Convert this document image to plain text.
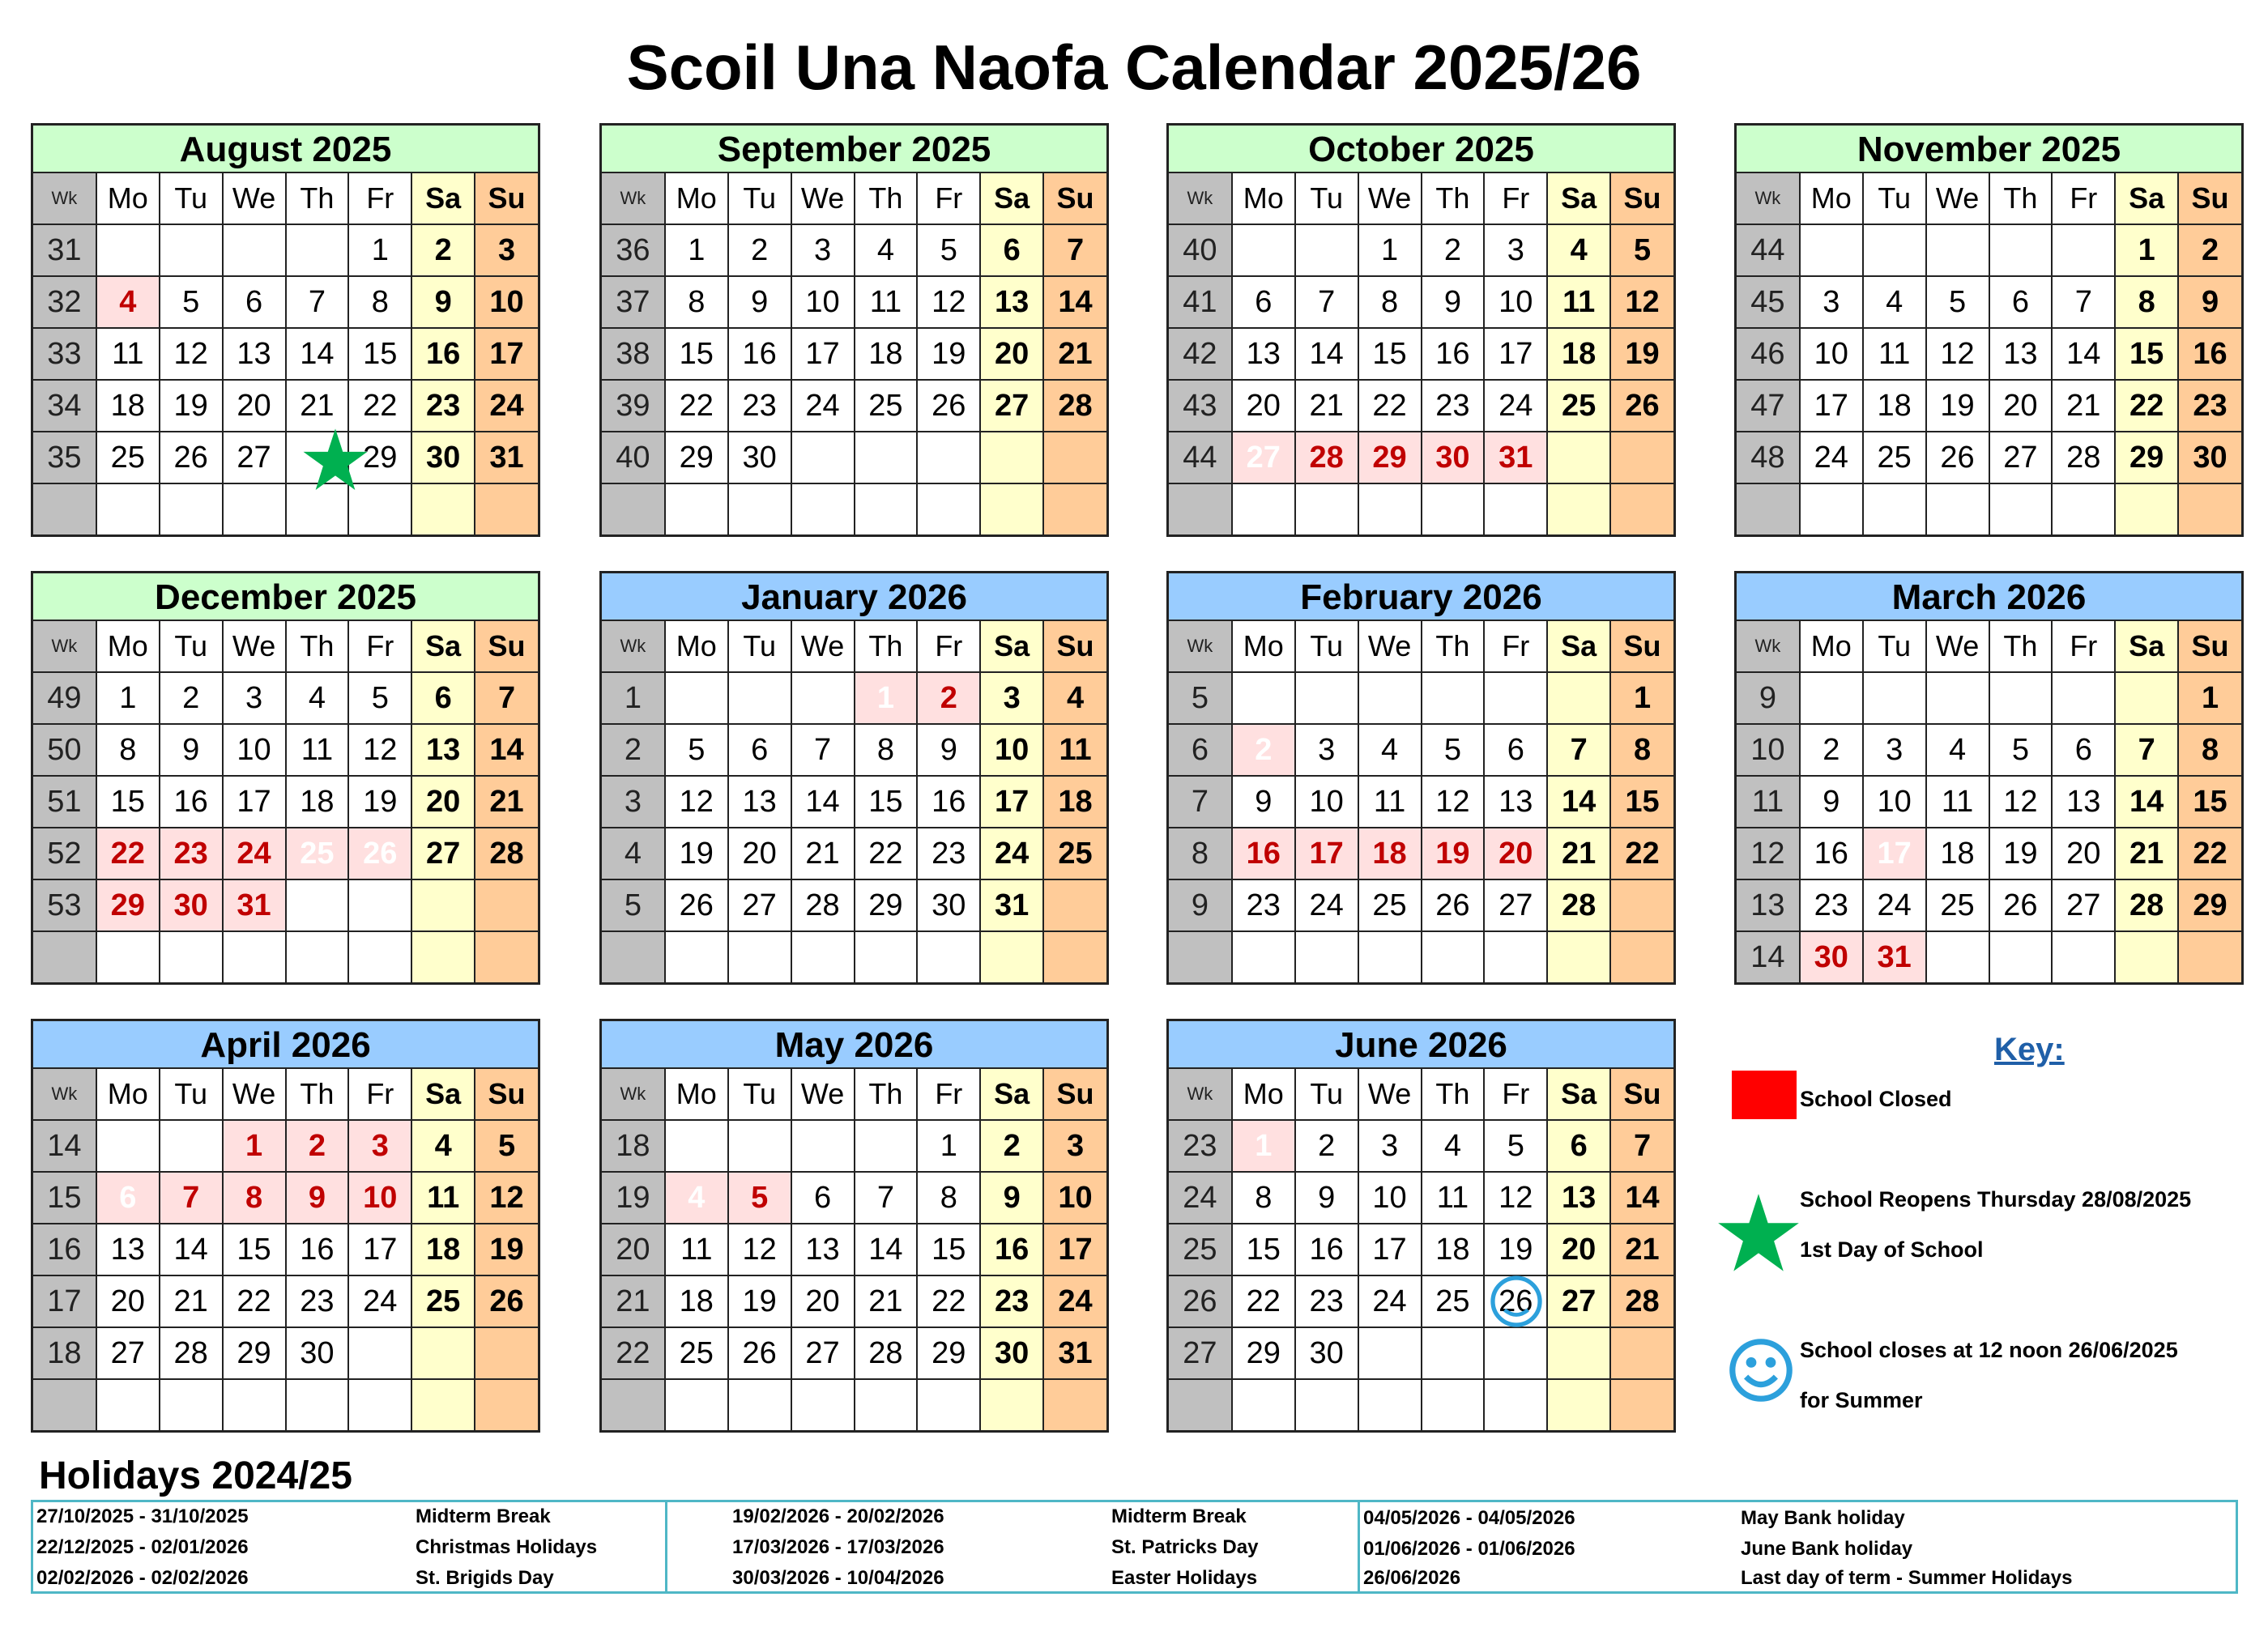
Scoil Una Naofa Calendar 2025/26
August 2025
Wk	Mo	Tu	We	Th	Fr	Sa	Su
31					1	2	3
32	4	5	6	7	8	9	10
33	11	12	13	14	15	16	17
34	18	19	20	21	22	23	24
35	25	26	27		29	30	31

September 2025
Wk	Mo	Tu	We	Th	Fr	Sa	Su
36	1	2	3	4	5	6	7
37	8	9	10	11	12	13	14
38	15	16	17	18	19	20	21
39	22	23	24	25	26	27	28
40	29	30					

October 2025
Wk	Mo	Tu	We	Th	Fr	Sa	Su
40			1	2	3	4	5
41	6	7	8	9	10	11	12
42	13	14	15	16	17	18	19
43	20	21	22	23	24	25	26
44	27	28	29	30	31		

November 2025
Wk	Mo	Tu	We	Th	Fr	Sa	Su
44						1	2
45	3	4	5	6	7	8	9
46	10	11	12	13	14	15	16
47	17	18	19	20	21	22	23
48	24	25	26	27	28	29	30

December 2025
Wk	Mo	Tu	We	Th	Fr	Sa	Su
49	1	2	3	4	5	6	7
50	8	9	10	11	12	13	14
51	15	16	17	18	19	20	21
52	22	23	24	25	26	27	28
53	29	30	31				

January 2026
Wk	Mo	Tu	We	Th	Fr	Sa	Su
1				1	2	3	4
2	5	6	7	8	9	10	11
3	12	13	14	15	16	17	18
4	19	20	21	22	23	24	25
5	26	27	28	29	30	31	

February 2026
Wk	Mo	Tu	We	Th	Fr	Sa	Su
5							1
6	2	3	4	5	6	7	8
7	9	10	11	12	13	14	15
8	16	17	18	19	20	21	22
9	23	24	25	26	27	28	

March 2026
Wk	Mo	Tu	We	Th	Fr	Sa	Su
9							1
10	2	3	4	5	6	7	8
11	9	10	11	12	13	14	15
12	16	17	18	19	20	21	22
13	23	24	25	26	27	28	29
14	30	31					
April 2026
Wk	Mo	Tu	We	Th	Fr	Sa	Su
14			1	2	3	4	5
15	6	7	8	9	10	11	12
16	13	14	15	16	17	18	19
17	20	21	22	23	24	25	26
18	27	28	29	30			

May 2026
Wk	Mo	Tu	We	Th	Fr	Sa	Su
18					1	2	3
19	4	5	6	7	8	9	10
20	11	12	13	14	15	16	17
21	18	19	20	21	22	23	24
22	25	26	27	28	29	30	31

June 2026
Wk	Mo	Tu	We	Th	Fr	Sa	Su
23	1	2	3	4	5	6	7
24	8	9	10	11	12	13	14
25	15	16	17	18	19	20	21
26	22	23	24	25	26	27	28
27	29	30					

Key:
School Closed
School Reopens Thursday 28/08/2025
1st Day of School
School closes at 12 noon 26/06/2025
for Summer
Holidays 2024/25
27/10/2025 - 31/10/2025	Midterm Break
22/12/2025 - 02/01/2026	Christmas Holidays
02/02/2026 - 02/02/2026	St. Brigids Day
19/02/2026 - 20/02/2026	Midterm Break
17/03/2026 - 17/03/2026	St. Patricks Day
30/03/2026 - 10/04/2026	Easter Holidays
04/05/2026 - 04/05/2026	May Bank holiday
01/06/2026 - 01/06/2026	June Bank holiday
26/06/2026	Last day of term - Summer Holidays
